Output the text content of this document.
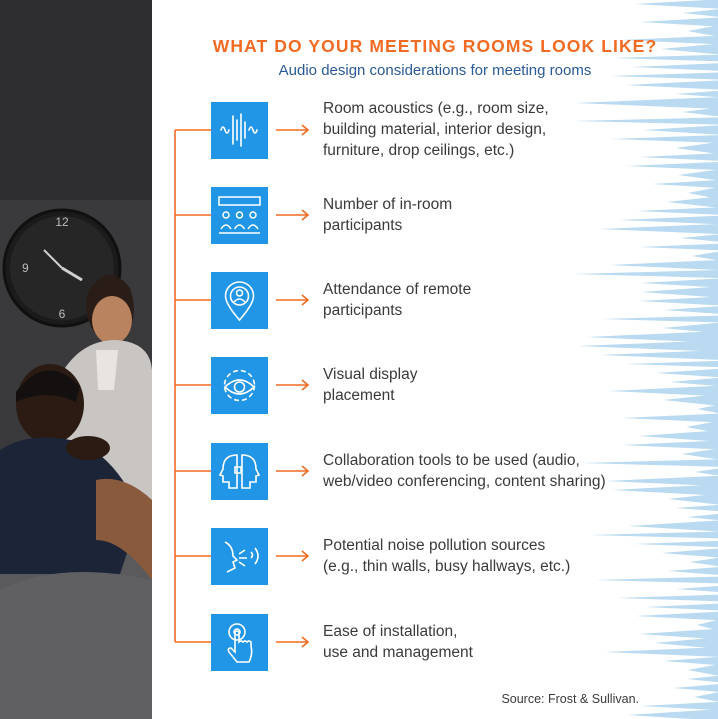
12
9
6
WHAT DO YOUR MEETING ROOMS LOOK LIKE?

Audio design considerations for meeting rooms

Room acoustics (e.g., room size,
building material, interior design,
furniture, drop ceilings, etc.)
Number of in-room
participants
Attendance of remote
participants
Visual display
placement
Collaboration tools to be used (audio,
web/video conferencing, content sharing)
Potential noise pollution sources
(e.g., thin walls, busy hallways, etc.)
Ease of installation,
use and management
Source: Frost & Sullivan.
